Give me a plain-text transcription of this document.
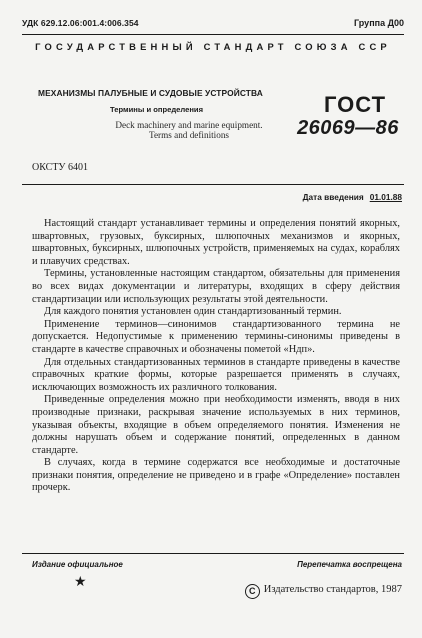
УДК 629.12.06:001.4:006.354	Группа Д00
ГОСУДАРСТВЕННЫЙ СТАНДАРТ СОЮЗА ССР
МЕХАНИЗМЫ ПАЛУБНЫЕ И СУДОВЫЕ УСТРОЙСТВА
Термины и определения
Deck machinery and marine equipment.
Terms and definitions
ГОСТ
26069—86
ОКСТУ 6401
Дата введения 01.01.88

Настоящий стандарт устанавливает термины и определения понятий якорных, швартовных, грузовых, буксирных, шлюпочных механизмов и якорных, швартовных, буксирных, шлюпочных устройств, применяемых на судах, кораблях и плавучих средствах.

Термины, установленные настоящим стандартом, обязательны для применения во всех видах документации и литературы, входящих в сферу действия стандартизации или использующих результаты этой деятельности.

Для каждого понятия установлен один стандартизованный термин.

Применение терминов—синонимов стандартизованного термина не допускается. Недопустимые к применению термины-синонимы приведены в стандарте в качестве справочных и обозначены пометой «Ндп».

Для отдельных стандартизованных терминов в стандарте приведены в качестве справочных краткие формы, которые разрешается применять в случаях, исключающих возможность их различного толкования.

Приведенные определения можно при необходимости изменять, вводя в них производные признаки, раскрывая значение используемых в них терминов, указывая объекты, входящие в объем определяемого понятия. Изменения не должны нарушать объем и содержание понятий, определенных в данном стандарте.

В случаях, когда в термине содержатся все необходимые и достаточные признаки понятия, определение не приведено и в графе «Определение» поставлен прочерк.

Издание официальное	Перепечатка воспрещена
★
C Издательство стандартов, 1987
